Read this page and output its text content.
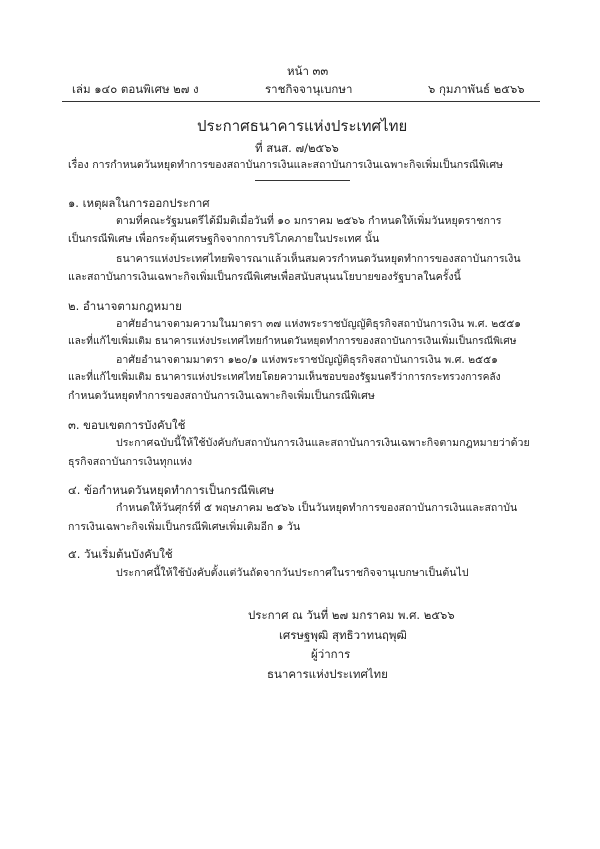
หน้า ๓๓
เล่ม ๑๔๐ ตอนพิเศษ ๒๗ ง	ราชกิจจานุเบกษา	๖ กุมภาพันธ์ ๒๕๖๖
ประกาศธนาคารแห่งประเทศไทย
ที่ สนส. ๗/๒๕๖๖
เรื่อง การกำหนดวันหยุดทำการของสถาบันการเงินและสถาบันการเงินเฉพาะกิจเพิ่มเป็นกรณีพิเศษ
๑. เหตุผลในการออกประกาศ
ตามที่คณะรัฐมนตรีได้มีมติเมื่อวันที่ ๑๐ มกราคม ๒๕๖๖ กำหนดให้เพิ่มวันหยุดราชการ
เป็นกรณีพิเศษ เพื่อกระตุ้นเศรษฐกิจจากการบริโภคภายในประเทศ นั้น
ธนาคารแห่งประเทศไทยพิจารณาแล้วเห็นสมควรกำหนดวันหยุดทำการของสถาบันการเงิน
และสถาบันการเงินเฉพาะกิจเพิ่มเป็นกรณีพิเศษเพื่อสนับสนุนนโยบายของรัฐบาลในครั้งนี้
๒. อำนาจตามกฎหมาย
อาศัยอำนาจตามความในมาตรา ๓๗ แห่งพระราชบัญญัติธุรกิจสถาบันการเงิน พ.ศ. ๒๕๕๑
และที่แก้ไขเพิ่มเติม ธนาคารแห่งประเทศไทยกำหนดวันหยุดทำการของสถาบันการเงินเพิ่มเป็นกรณีพิเศษ
อาศัยอำนาจตามมาตรา ๑๒๐/๑ แห่งพระราชบัญญัติธุรกิจสถาบันการเงิน พ.ศ. ๒๕๕๑
และที่แก้ไขเพิ่มเติม ธนาคารแห่งประเทศไทยโดยความเห็นชอบของรัฐมนตรีว่าการกระทรวงการคลัง
กำหนดวันหยุดทำการของสถาบันการเงินเฉพาะกิจเพิ่มเป็นกรณีพิเศษ
๓. ขอบเขตการบังคับใช้
ประกาศฉบับนี้ให้ใช้บังคับกับสถาบันการเงินและสถาบันการเงินเฉพาะกิจตามกฎหมายว่าด้วย
ธุรกิจสถาบันการเงินทุกแห่ง
๔. ข้อกำหนดวันหยุดทำการเป็นกรณีพิเศษ
กำหนดให้วันศุกร์ที่ ๕ พฤษภาคม ๒๕๖๖ เป็นวันหยุดทำการของสถาบันการเงินและสถาบัน
การเงินเฉพาะกิจเพิ่มเป็นกรณีพิเศษเพิ่มเติมอีก ๑ วัน
๕. วันเริ่มต้นบังคับใช้
ประกาศนี้ให้ใช้บังคับตั้งแต่วันถัดจากวันประกาศในราชกิจจานุเบกษาเป็นต้นไป
ประกาศ ณ วันที่ ๒๗ มกราคม พ.ศ. ๒๕๖๖
เศรษฐพุฒิ สุทธิวาทนฤพุฒิ
ผู้ว่าการ
ธนาคารแห่งประเทศไทย
